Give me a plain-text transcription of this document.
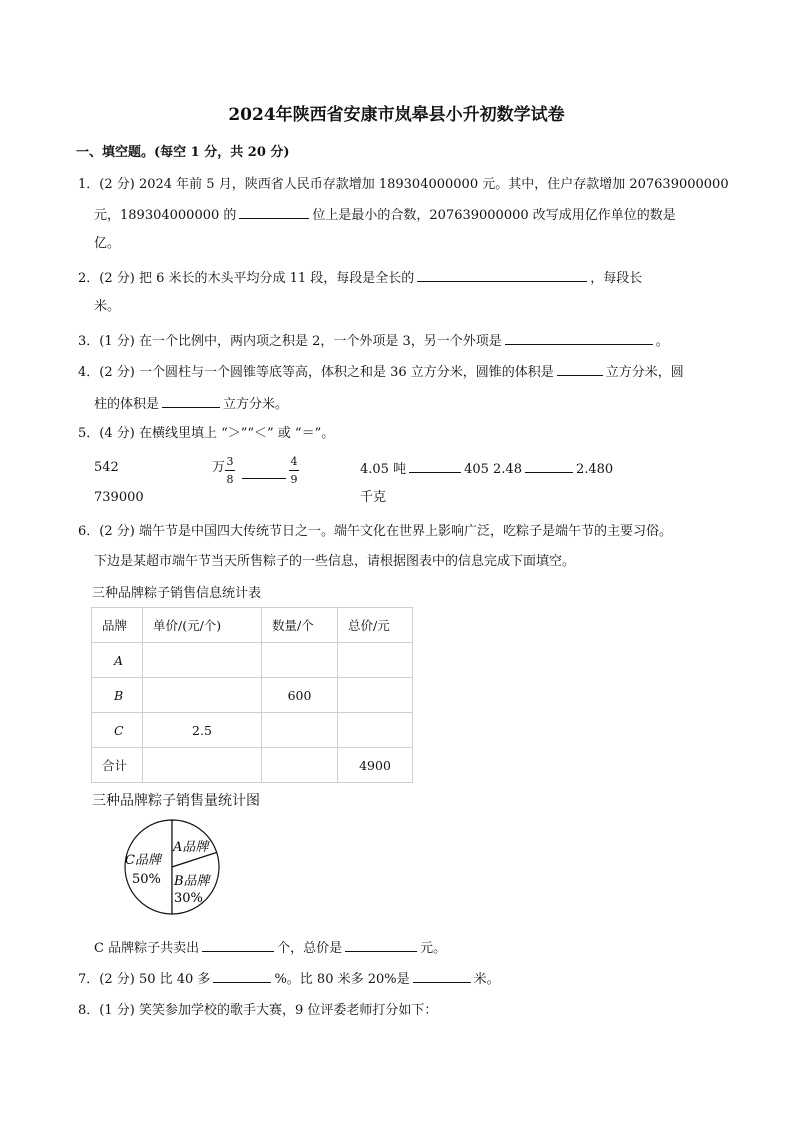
2024年陕西省安康市岚皋县小升初数学试卷
一、填空题。(每空 1 分，共 20 分)
1．(2 分) 2024 年前 5 月，陕西省人民币存款增加 189304000000 元。其中，住户存款增加 207639000000
元，189304000000 的	位上是最小的合数，207639000000 改写成用亿作单位的数是
亿。
2．(2 分) 把 6 米长的木头平均分成 11 段，每段是全长的	，每段长
米。
3．(1 分) 在一个比例中，两内项之积是 2，一个外项是 3，另一个外项是	。
4．(2 分) 一个圆柱与一个圆锥等底等高，体积之和是 36 立方分米，圆锥的体积是	立方分米，圆
柱的体积是	立方分米。
5．(4 分) 在横线里填上 “＞”“＜” 或 “＝”。
542	万 3
8
4
9
4.05 吨	405 2.48	2.480
739000	千克
6．(2 分) 端午节是中国四大传统节日之一。端午文化在世界上影响广泛，吃粽子是端午节的主要习俗。
下边是某超市端午节当天所售粽子的一些信息，请根据图表中的信息完成下面填空。
三种品牌粽子销售信息统计表
品牌	单价/(元/个)	数量/个	总价/元
A			
B		600	
C	2.5		
合计			4900
三种品牌粽子销售量统计图
C品牌
50%
A品牌
B品牌
30%
C 品牌粽子共卖出	个，总价是	元。
7．(2 分) 50 比 40 多	%。比 80 米多 20%是	米。
8．(1 分) 笑笑参加学校的歌手大赛，9 位评委老师打分如下：
